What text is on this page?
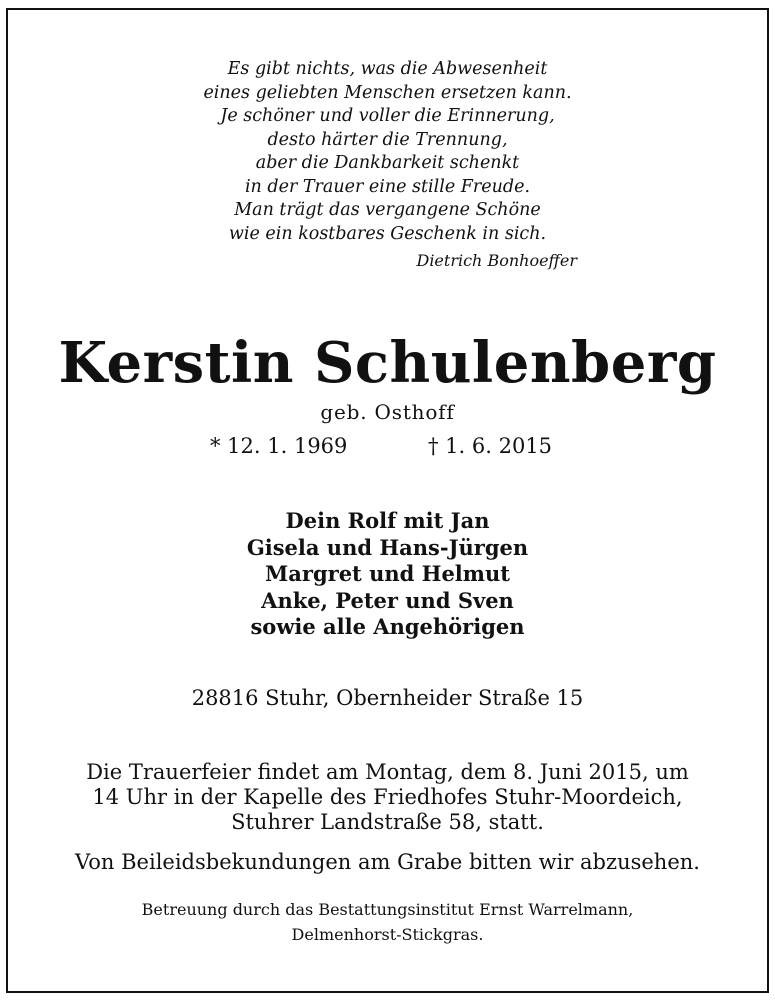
Es gibt nichts, was die Abwesenheit
eines geliebten Menschen ersetzen kann.
Je schöner und voller die Erinnerung,
desto härter die Trennung,
aber die Dankbarkeit schenkt
in der Trauer eine stille Freude.
Man trägt das vergangene Schöne
wie ein kostbares Geschenk in sich.
Dietrich Bonhoeffer
Kerstin Schulenberg
geb. Osthoff
* 12. 1. 1969	† 1. 6. 2015
Dein Rolf mit Jan
Gisela und Hans-Jürgen
Margret und Helmut
Anke, Peter und Sven
sowie alle Angehörigen
28816 Stuhr, Obernheider Straße 15
Die Trauerfeier findet am Montag, dem 8. Juni 2015, um
14 Uhr in der Kapelle des Friedhofes Stuhr-Moordeich,
Stuhrer Landstraße 58, statt.
Von Beileidsbekundungen am Grabe bitten wir abzusehen.
Betreuung durch das Bestattungsinstitut Ernst Warrelmann,
Delmenhorst-Stickgras.
